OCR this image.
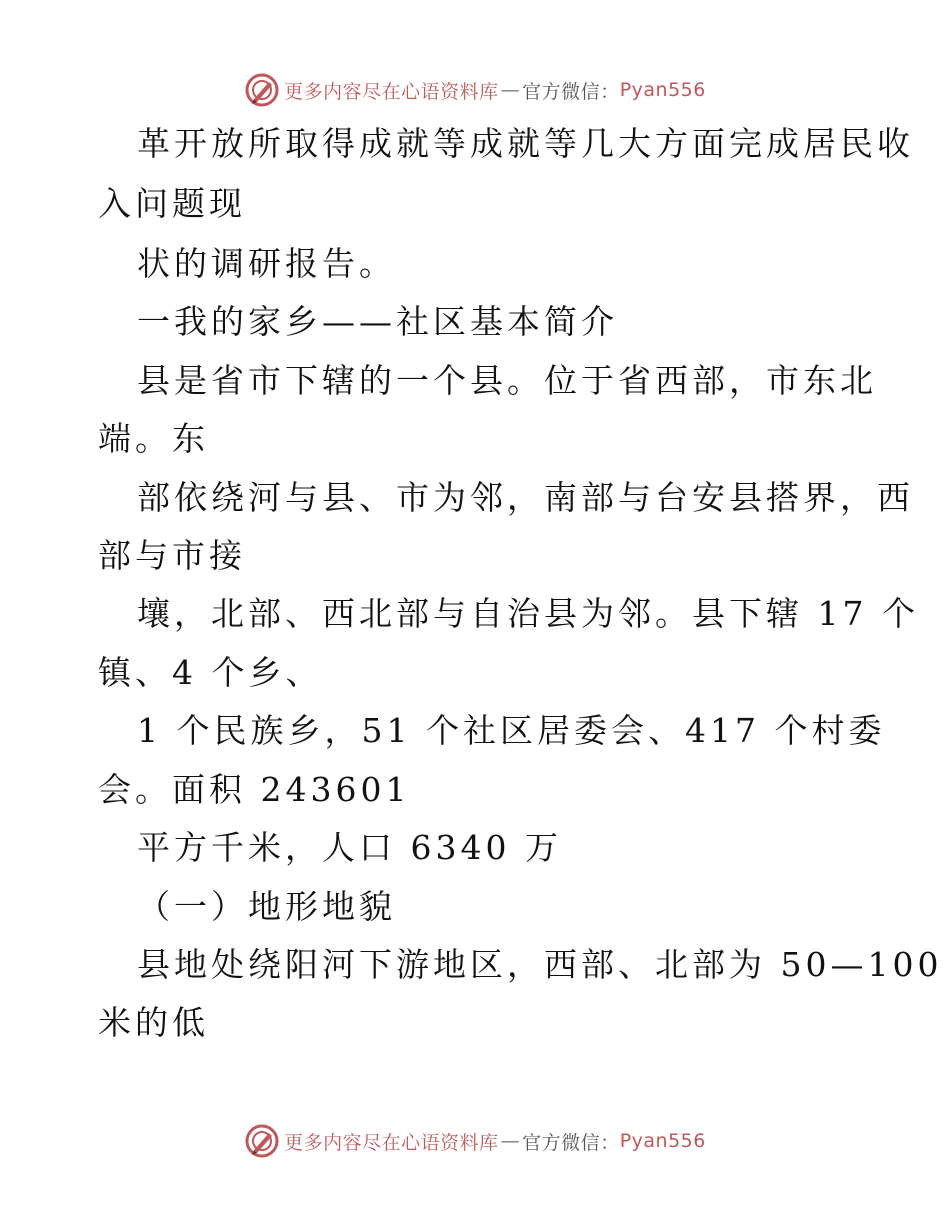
更多内容尽在心语资料库 — 官方微信： Pyan556
革开放所取得成就等成就等几大方面完成居民收
入问题现
状的调研报告。
一我的家乡——社区基本简介
县是省市下辖的一个县。位于省西部，市东北
端。东
部依绕河与县、市为邻，南部与台安县搭界，西
部与市接
壤，北部、西北部与自治县为邻。县下辖 17 个
镇、4 个乡、
1 个民族乡，51 个社区居委会、417 个村委
会。面积 243601
平方千米，人口 6340 万
（一）地形地貌
县地处绕阳河下游地区，西部、北部为 50—100
米的低
更多内容尽在心语资料库 — 官方微信： Pyan556
